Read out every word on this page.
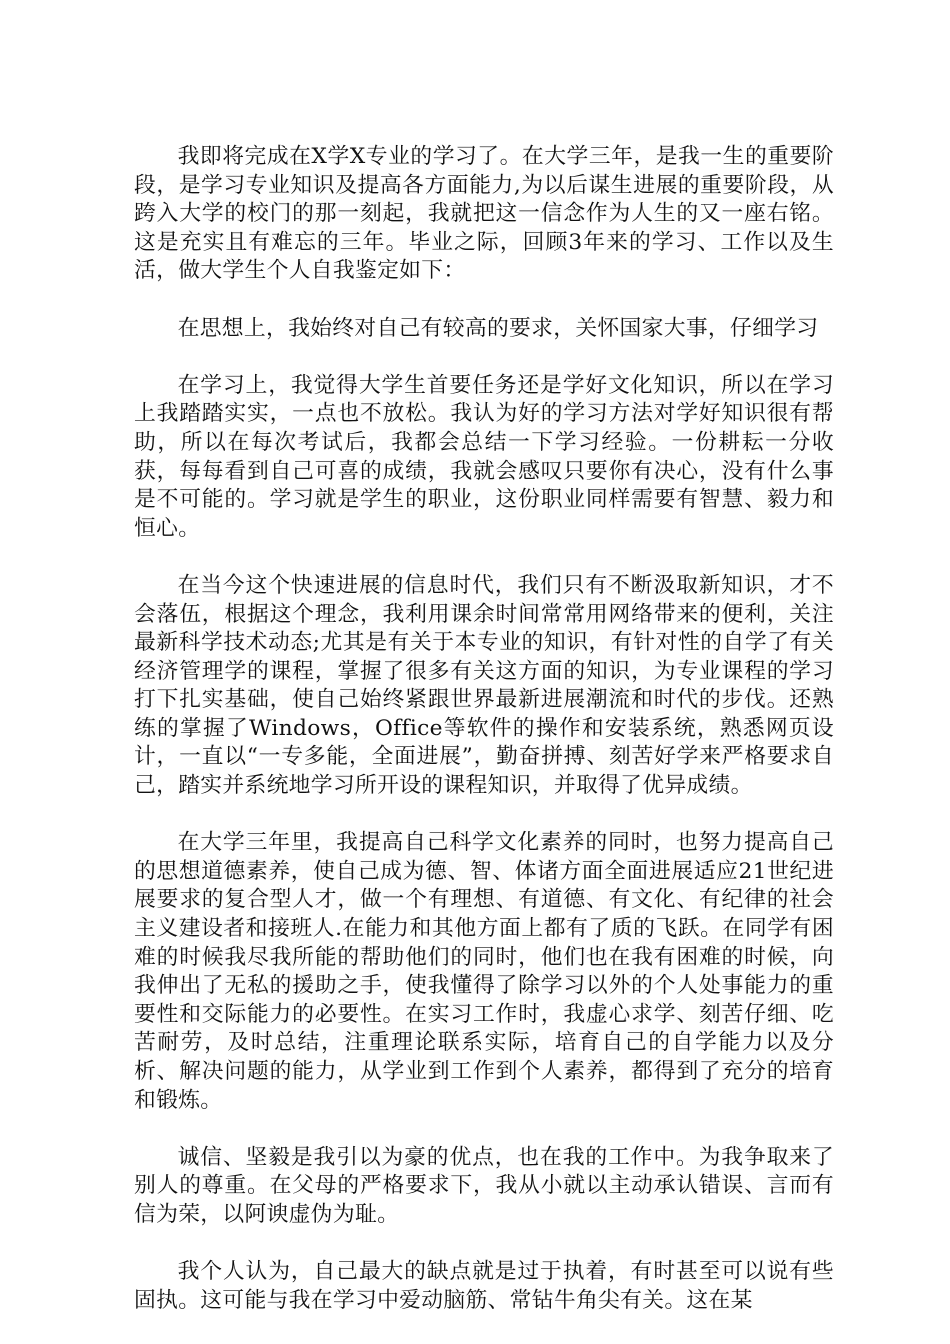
我即将完成在X学X专业的学习了。在大学三年，是我一生的重要阶段，是学习专业知识及提高各方面能力,为以后谋生进展的重要阶段，从跨入大学的校门的那一刻起，我就把这一信念作为人生的又一座右铭。这是充实且有难忘的三年。毕业之际，回顾3年来的学习、工作以及生活，做大学生个人自我鉴定如下：

在思想上，我始终对自己有较高的要求，关怀国家大事，仔细学习

在学习上，我觉得大学生首要任务还是学好文化知识，所以在学习上我踏踏实实，一点也不放松。我认为好的学习方法对学好知识很有帮助，所以在每次考试后，我都会总结一下学习经验。一份耕耘一分收获，每每看到自己可喜的成绩，我就会感叹只要你有决心，没有什么事是不可能的。学习就是学生的职业，这份职业同样需要有智慧、毅力和恒心。

在当今这个快速进展的信息时代，我们只有不断汲取新知识，才不会落伍，根据这个理念，我利用课余时间常常用网络带来的便利，关注最新科学技术动态;尤其是有关于本专业的知识，有针对性的自学了有关经济管理学的课程，掌握了很多有关这方面的知识，为专业课程的学习打下扎实基础，使自己始终紧跟世界最新进展潮流和时代的步伐。还熟练的掌握了Windows，Office等软件的操作和安装系统，熟悉网页设计，一直以“一专多能，全面进展”，勤奋拼搏、刻苦好学来严格要求自己，踏实并系统地学习所开设的课程知识，并取得了优异成绩。

在大学三年里，我提高自己科学文化素养的同时，也努力提高自己的思想道德素养，使自己成为德、智、体诸方面全面进展适应21世纪进展要求的复合型人才，做一个有理想、有道德、有文化、有纪律的社会主义建设者和接班人.在能力和其他方面上都有了质的飞跃。在同学有困难的时候我尽我所能的帮助他们的同时，他们也在我有困难的时候，向我伸出了无私的援助之手，使我懂得了除学习以外的个人处事能力的重要性和交际能力的必要性。在实习工作时，我虚心求学、刻苦仔细、吃苦耐劳，及时总结，注重理论联系实际，培育自己的自学能力以及分析、解决问题的能力，从学业到工作到个人素养，都得到了充分的培育和锻炼。

诚信、坚毅是我引以为豪的优点，也在我的工作中。为我争取来了别人的尊重。在父母的严格要求下，我从小就以主动承认错误、言而有信为荣，以阿谀虚伪为耻。

我个人认为，自己最大的缺点就是过于执着，有时甚至可以说有些固执。这可能与我在学习中爱动脑筋、常钻牛角尖有关。这在某
